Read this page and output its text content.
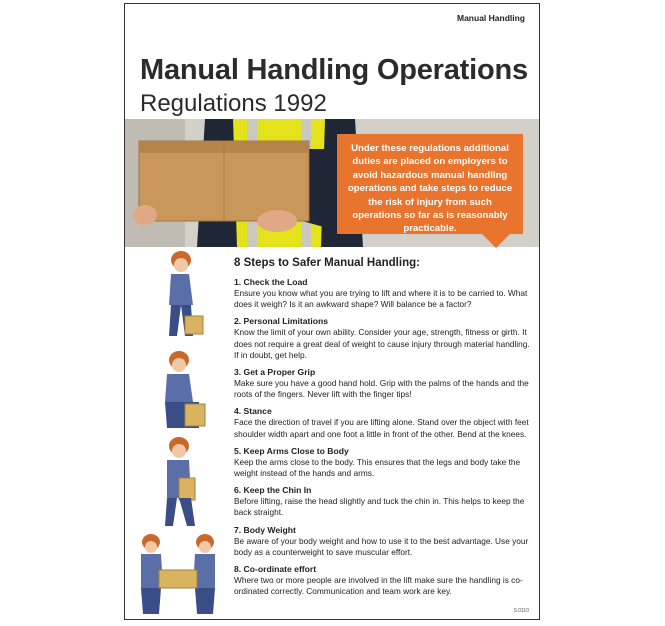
Manual Handling
Manual Handling Operations
Regulations 1992
Under these regulations additional duties are placed on employers to avoid hazardous manual handling operations and take steps to reduce the risk of injury from such operations so far as is reasonably practicable.
8 Steps to Safer Manual Handling:
1. Check the Load
Ensure you know what you are trying to lift and where it is to be carried to. What does it weigh? Is it an awkward shape? Will balance be a factor?
2. Personal Limitations
Know the limit of your own ability. Consider your age, strength, fitness or girth. It does not require a great deal of weight to cause injury through material handling. If in doubt, get help.
3. Get a Proper Grip
Make sure you have a good hand hold. Grip with the palms of the hands and the roots of the fingers. Never lift with the finger tips!
4. Stance
Face the direction of travel if you are lifting alone. Stand over the object with feet shoulder width apart and one foot a little in front of the other. Bend at the knees.
5. Keep Arms Close to Body
Keep the arms close to the body. This ensures that the legs and body take the weight instead of the hands and arms.
6. Keep the Chin In
Before lifting, raise the head slightly and tuck the chin in. This helps to keep the back straight.
7. Body Weight
Be aware of your body weight and how to use it to the best advantage. Use your body as a counterweight to save muscular effort.
8. Co-ordinate effort
Where two or more people are involved in the lift make sure the handling is co-ordinated correctly. Communication and team work are key.
S.0110
